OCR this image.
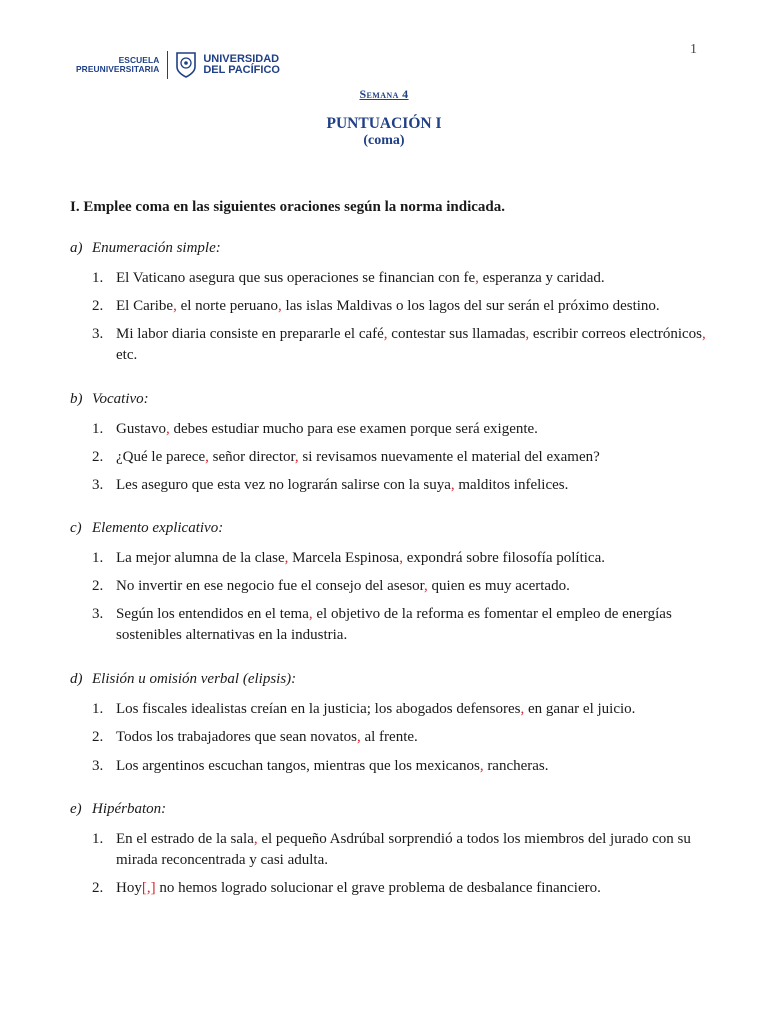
1
ESCUELA
PREUNIVERSITARIA
UNIVERSIDAD
DEL PACÍFICO
Semana 4
PUNTUACIÓN I
(coma)
I. Emplee coma en las siguientes oraciones según la norma indicada.
a) Enumeración simple:
1. El Vaticano asegura que sus operaciones se financian con fe, esperanza y caridad.
2. El Caribe, el norte peruano, las islas Maldivas o los lagos del sur serán el próximo destino.
3. Mi labor diaria consiste en prepararle el café, contestar sus llamadas, escribir correos electrónicos, etc.
b) Vocativo:
1. Gustavo, debes estudiar mucho para ese examen porque será exigente.
2. ¿Qué le parece, señor director, si revisamos nuevamente el material del examen?
3. Les aseguro que esta vez no lograrán salirse con la suya, malditos infelices.
c) Elemento explicativo:
1. La mejor alumna de la clase, Marcela Espinosa, expondrá sobre filosofía política.
2. No invertir en ese negocio fue el consejo del asesor, quien es muy acertado.
3. Según los entendidos en el tema, el objetivo de la reforma es fomentar el empleo de energías sostenibles alternativas en la industria.
d) Elisión u omisión verbal (elipsis):
1. Los fiscales idealistas creían en la justicia; los abogados defensores, en ganar el juicio.
2. Todos los trabajadores que sean novatos, al frente.
3. Los argentinos escuchan tangos, mientras que los mexicanos, rancheras.
e) Hipérbaton:
1. En el estrado de la sala, el pequeño Asdrúbal sorprendió a todos los miembros del jurado con su mirada reconcentrada y casi adulta.
2. Hoy[,] no hemos logrado solucionar el grave problema de desbalance financiero.
